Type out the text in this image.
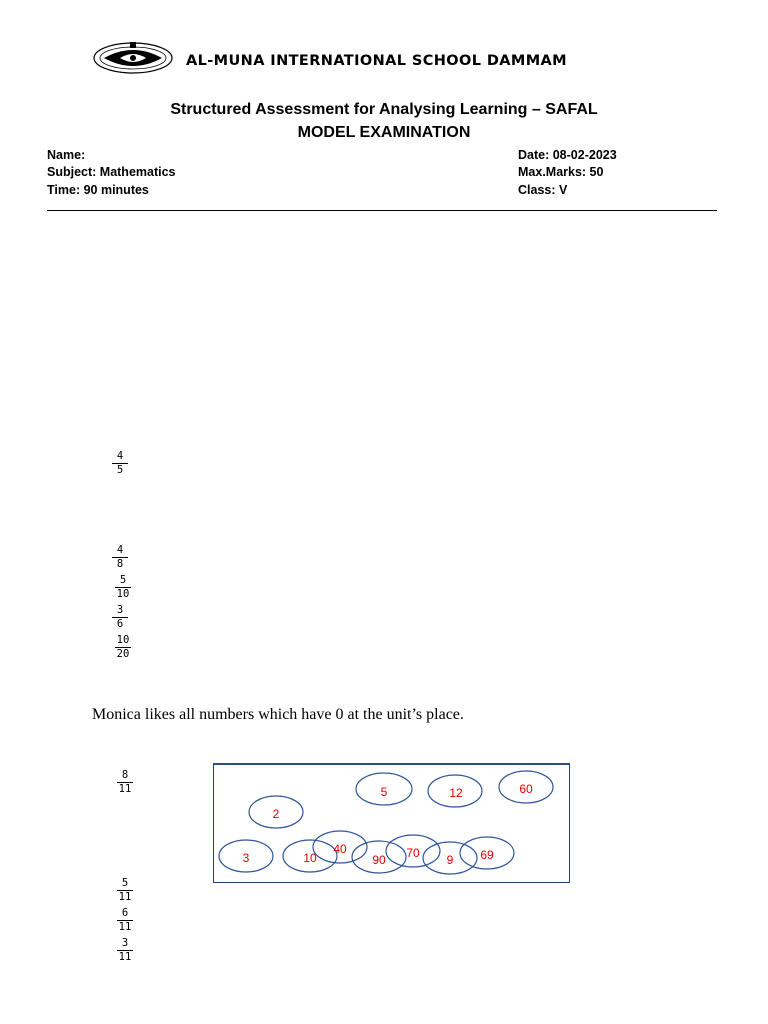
AL-MUNA INTERNATIONAL SCHOOL DAMMAM
Structured Assessment for Analysing Learning – SAFAL
MODEL EXAMINATION
Name:
Subject: Mathematics
Time: 90 minutes
Date: 08-02-2023
Max.Marks: 50
Class: V
4
5
4
8
5
10
3
6
10
20
Monica likes all numbers which have 0 at the unit’s place.
8
11	5	12	60
2
3	10
40
90 70 9 69
5
11
6
11
3
11
